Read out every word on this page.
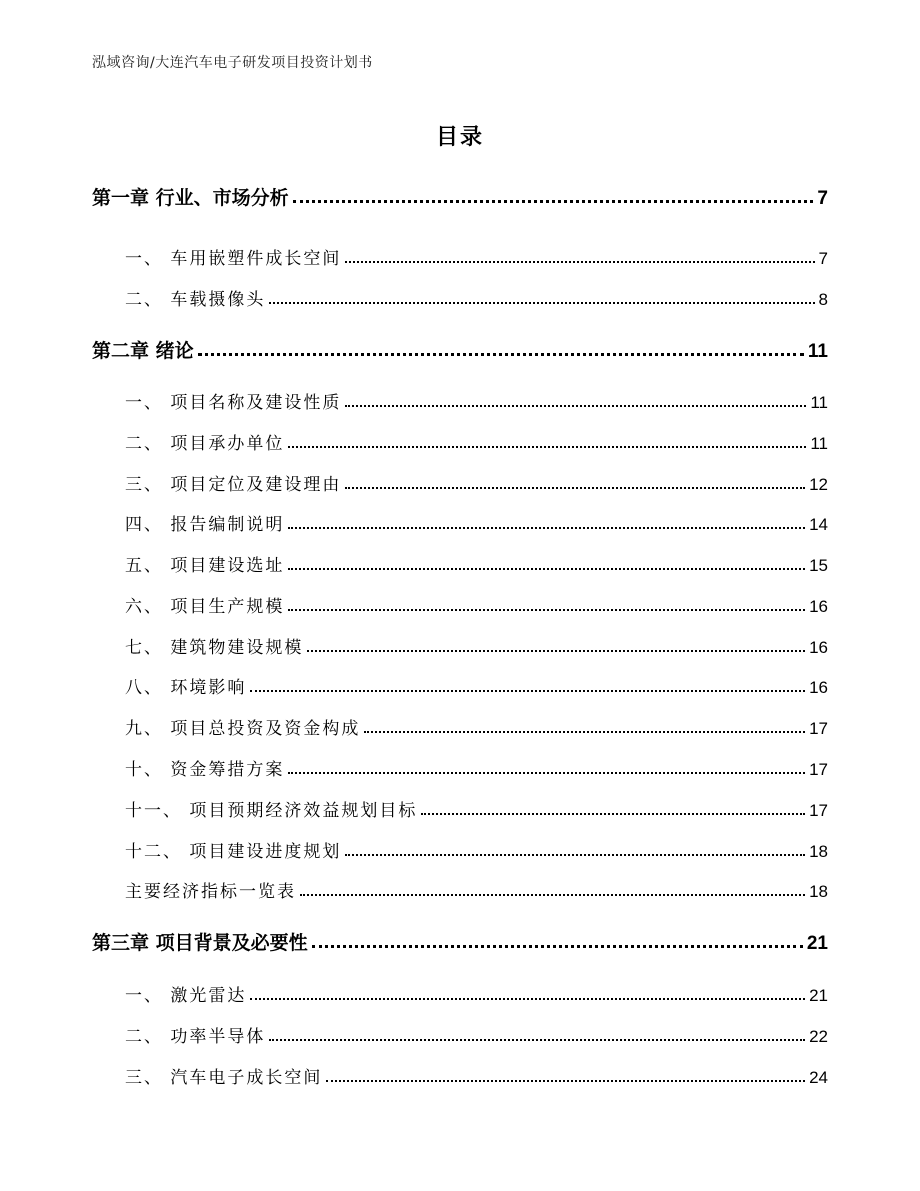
泓域咨询/大连汽车电子研发项目投资计划书
目录
第一章 行业、市场分析	7
一、 车用嵌塑件成长空间	7
二、 车载摄像头	8
第二章 绪论	11
一、 项目名称及建设性质	11
二、 项目承办单位	11
三、 项目定位及建设理由	12
四、 报告编制说明	14
五、 项目建设选址	15
六、 项目生产规模	16
七、 建筑物建设规模	16
八、 环境影响	16
九、 项目总投资及资金构成	17
十、 资金筹措方案	17
十一、 项目预期经济效益规划目标	17
十二、 项目建设进度规划	18
主要经济指标一览表	18
第三章 项目背景及必要性	21
一、 激光雷达	21
二、 功率半导体	22
三、 汽车电子成长空间	24
